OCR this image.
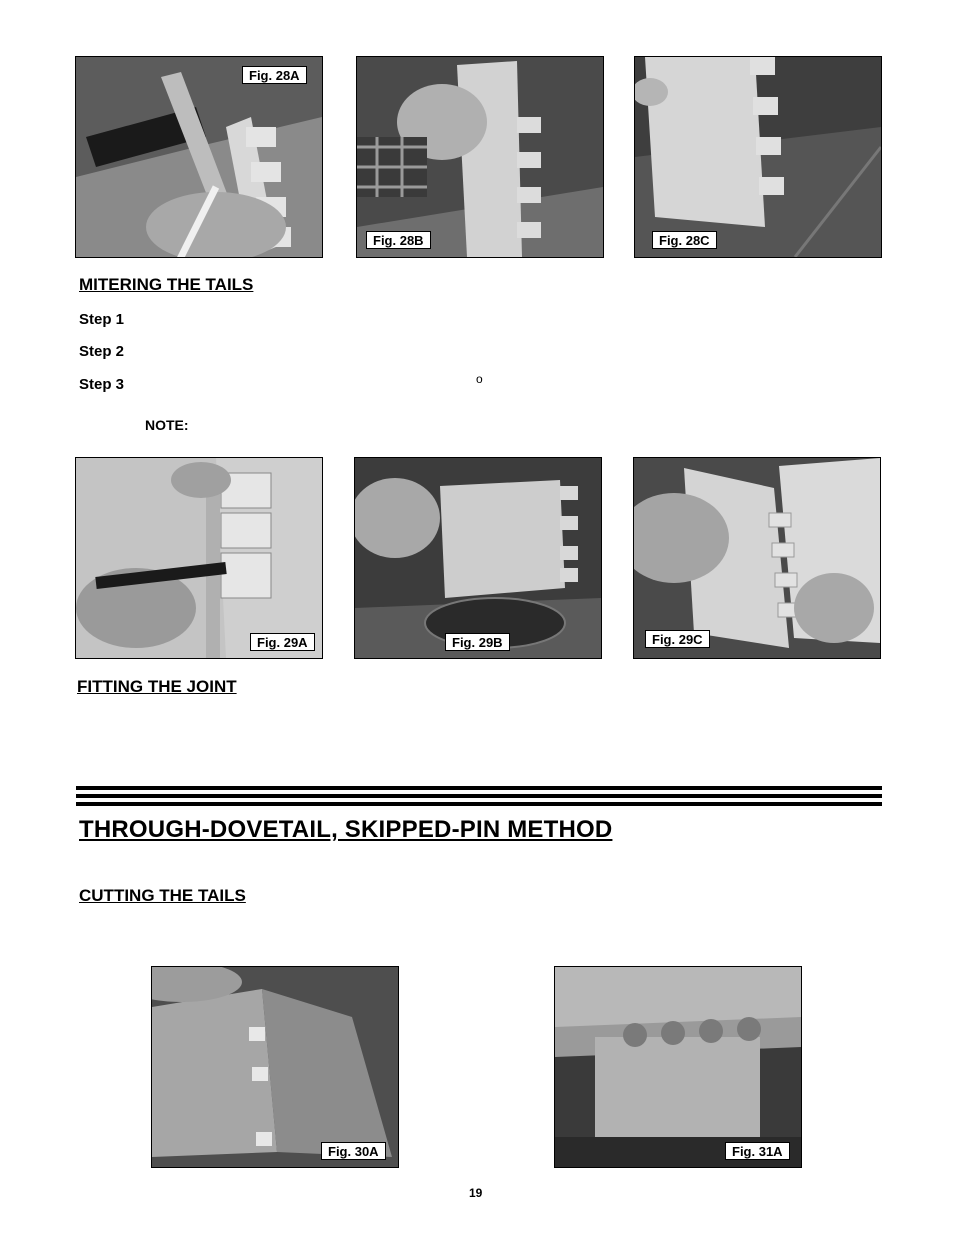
Fig. 28A
Fig. 28B	Fig. 28C
MITERING THE TAILS
Step 1
Step 2
Step 3	o
NOTE:
Fig. 29A	Fig. 29B	Fig. 29C
FITTING THE JOINT
THROUGH-DOVETAIL, SKIPPED-PIN METHOD
CUTTING THE TAILS
Fig. 30A	Fig. 31A
19
